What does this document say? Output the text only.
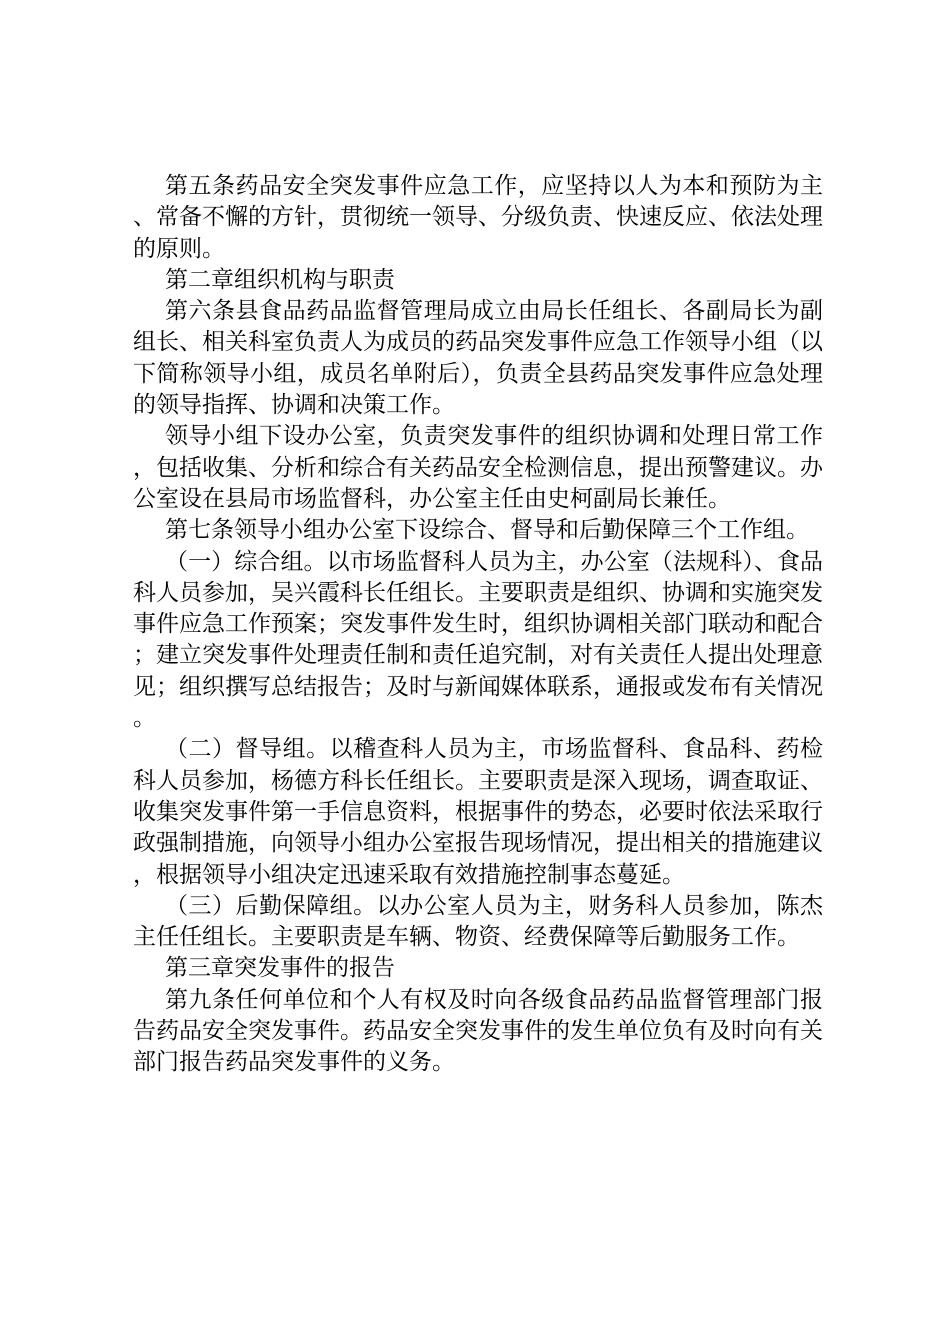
第五条药品安全突发事件应急工作，应坚持以人为本和预防为主、常备不懈的方针，贯彻统一领导、分级负责、快速反应、依法处理的原则。

第二章组织机构与职责

第六条县食品药品监督管理局成立由局长任组长、各副局长为副组长、相关科室负责人为成员的药品突发事件应急工作领导小组（以下简称领导小组，成员名单附后），负责全县药品突发事件应急处理的领导指挥、协调和决策工作。

领导小组下设办公室，负责突发事件的组织协调和处理日常工作，包括收集、分析和综合有关药品安全检测信息，提出预警建议。办公室设在县局市场监督科，办公室主任由史柯副局长兼任。

第七条领导小组办公室下设综合、督导和后勤保障三个工作组。

（一）综合组。以市场监督科人员为主，办公室（法规科）、食品科人员参加，吴兴霞科长任组长。主要职责是组织、协调和实施突发事件应急工作预案；突发事件发生时，组织协调相关部门联动和配合；建立突发事件处理责任制和责任追究制，对有关责任人提出处理意见；组织撰写总结报告；及时与新闻媒体联系，通报或发布有关情况。

（二）督导组。以稽查科人员为主，市场监督科、食品科、药检科人员参加，杨德方科长任组长。主要职责是深入现场，调查取证、收集突发事件第一手信息资料，根据事件的势态，必要时依法采取行政强制措施，向领导小组办公室报告现场情况，提出相关的措施建议，根据领导小组决定迅速采取有效措施控制事态蔓延。

（三）后勤保障组。以办公室人员为主，财务科人员参加，陈杰主任任组长。主要职责是车辆、物资、经费保障等后勤服务工作。

第三章突发事件的报告

第九条任何单位和个人有权及时向各级食品药品监督管理部门报告药品安全突发事件。药品安全突发事件的发生单位负有及时向有关部门报告药品突发事件的义务。
